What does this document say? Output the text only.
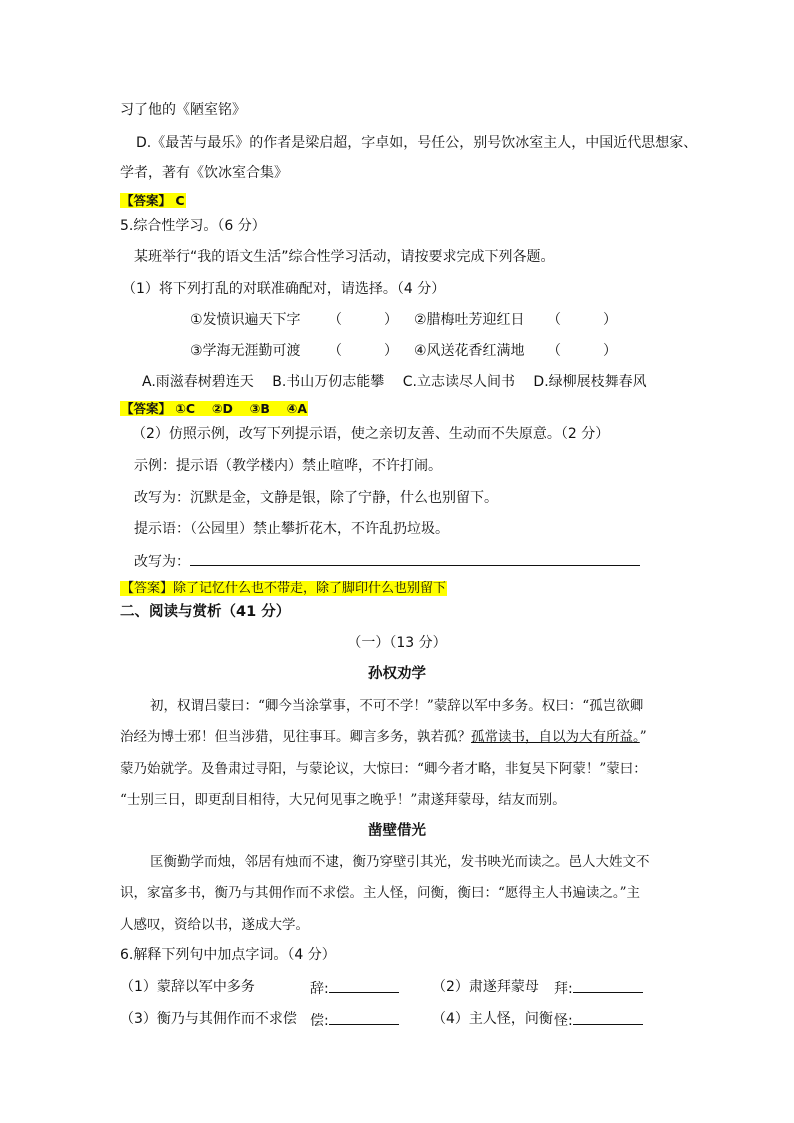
习了他的《陋室铭》
D.《最苦与最乐》的作者是梁启超，字卓如，号任公，别号饮冰室主人，中国近代思想家、
学者，著有《饮冰室合集》
【答案】 C
5.综合性学习。（6 分）
某班举行“我的语文生活”综合性学习活动，请按要求完成下列各题。
（1）将下列打乱的对联准确配对，请选择。（4 分）
①发愤识遍天下字 （　　　） ②腊梅吐芳迎红日 （　　　）
③学海无涯勤可渡 （　　　） ④风送花香红满地 （　　　）
A.雨滋春树碧连天　 B.书山万仞志能攀　 C.立志读尽人间书　 D.绿柳展枝舞春风
【答案】 ①C　 ②D　 ③B　 ④A
（2）仿照示例，改写下列提示语，使之亲切友善、生动而不失原意。（2 分）
示例：提示语（教学楼内）禁止喧哗，不许打闹。
改写为：沉默是金，文静是银，除了宁静，什么也别留下。
提示语：（公园里）禁止攀折花木，不许乱扔垃圾。
改写为：
【答案】除了记忆什么也不带走，除了脚印什么也别留下
二、阅读与赏析（41 分）
（一）（13 分）
孙权劝学
初，权谓吕蒙曰：“卿今当涂掌事，不可不学！”蒙辞以军中多务。权曰：“孤岂欲卿
治经为博士邪！但当涉猎，见往事耳。卿言多务，孰若孤？孤常读书，自以为大有所益。”
蒙乃始就学。及鲁肃过寻阳，与蒙论议，大惊曰：“卿今者才略，非复吴下阿蒙！”蒙曰：
“士别三日，即更刮目相待，大兄何见事之晚乎！”肃遂拜蒙母，结友而别。
凿壁借光
匡衡勤学而烛，邻居有烛而不逮，衡乃穿壁引其光，发书映光而读之。邑人大姓文不
识，家富多书，衡乃与其佣作而不求偿。主人怪，问衡，衡曰：“愿得主人书遍读之。”主
人感叹，资给以书，遂成大学。
6.解释下列句中加点字词。（4 分）
（1）蒙辞以军中多务	辞:	（2）肃遂拜蒙母 拜:
（3）衡乃与其佣作而不求偿 偿:	（4）主人怪，问衡 怪:
